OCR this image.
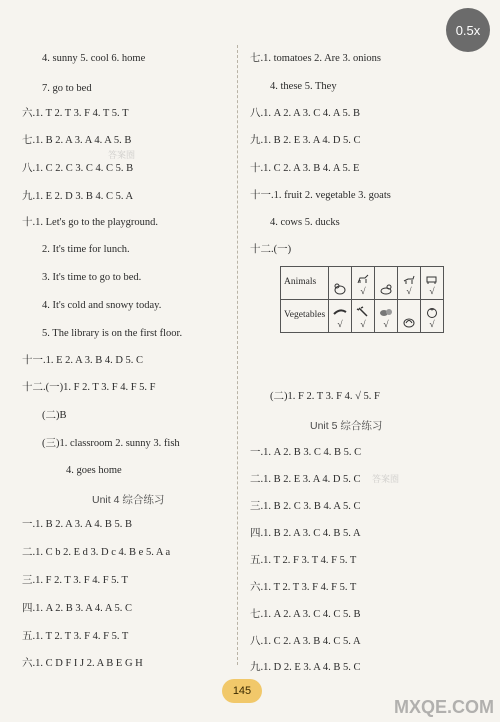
0.5x
4. sunny 5. cool 6. home
7. go to bed
六.1. T 2. T 3. F 4. T 5. T
七.1. B 2. A 3. A 4. A 5. B
八.1. C 2. C 3. C 4. C 5. B
九.1. E 2. D 3. B 4. C 5. A
十.1. Let's go to the playground.
2. It's time for lunch.
3. It's time to go to bed.
4. It's cold and snowy today.
5. The library is on the first floor.
十一.1. E 2. A 3. B 4. D 5. C
十二.(一)1. F 2. T 3. F 4. F 5. F
(二)B
(三)1. classroom 2. sunny 3. fish
4. goes home
一.1. B 2. A 3. A 4. B 5. B
二.1. C b 2. E d 3. D c 4. B e 5. A a
三.1. F 2. T 3. F 4. F 5. T
四.1. A 2. B 3. A 4. A 5. C
五.1. T 2. T 3. F 4. F 5. T
六.1. C D F I J 2. A B E G H
七.1. tomatoes 2. Are 3. onions
4. these 5. They
八.1. A 2. A 3. C 4. A 5. B
九.1. B 2. E 3. A 4. D 5. C
十.1. C 2. A 3. B 4. A 5. E
十一.1. fruit 2. vegetable 3. goats
4. cows 5. ducks
十二.(一)
(二)1. F 2. T 3. F 4. √ 5. F
一.1. A 2. B 3. C 4. B 5. C
二.1. B 2. E 3. A 4. D 5. C
三.1. B 2. C 3. B 4. A 5. C
四.1. B 2. A 3. C 4. B 5. A
五.1. T 2. F 3. T 4. F 5. T
六.1. T 2. T 3. F 4. F 5. T
七.1. A 2. A 3. C 4. C 5. B
八.1. C 2. A 3. B 4. C 5. A
九.1. D 2. E 3. A 4. B 5. C
Unit 4 综合练习
Unit 5 综合练习
Animals		√		√	√
Vegetables	√	√	√		√
答案圈
答案圈
145
MXQE.COM
